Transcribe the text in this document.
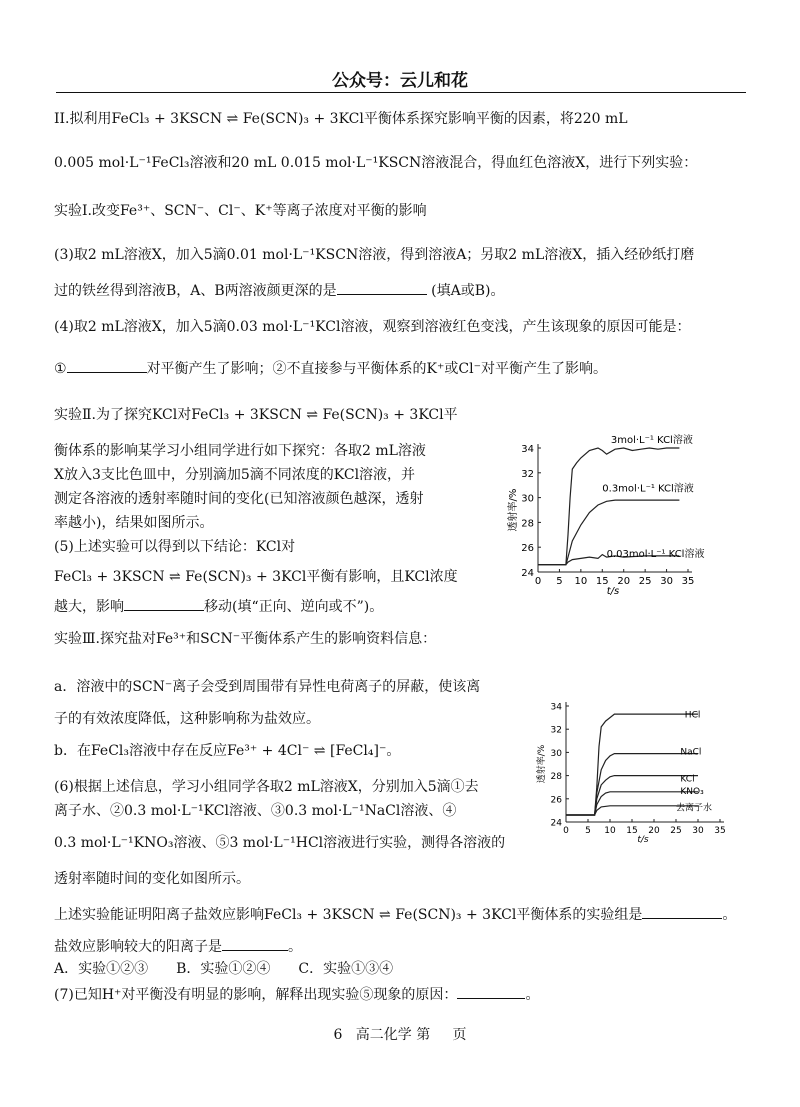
公众号：云儿和花
II.拟利用FeCl₃ + 3KSCN ⇌ Fe(SCN)₃ + 3KCl平衡体系探究影响平衡的因素，将220 mL
0.005 mol·L⁻¹FeCl₃溶液和20 mL 0.015 mol·L⁻¹KSCN溶液混合，得血红色溶液X，进行下列实验：
实验Ⅰ.改变Fe³⁺、SCN⁻、Cl⁻、K⁺等离子浓度对平衡的影响
(3)取2 mL溶液X，加入5滴0.01 mol·L⁻¹KSCN溶液，得到溶液A；另取2 mL溶液X，插入经砂纸打磨
过的铁丝得到溶液B，A、B两溶液颜更深的是	(填A或B)。
(4)取2 mL溶液X，加入5滴0.03 mol·L⁻¹KCl溶液，观察到溶液红色变浅，产生该现象的原因可能是：
①	对平衡产生了影响；②不直接参与平衡体系的K⁺或Cl⁻对平衡产生了影响。
实验Ⅱ.为了探究KCl对FeCl₃ + 3KSCN ⇌ Fe(SCN)₃ + 3KCl平
衡体系的影响某学习小组同学进行如下探究：各取2 mL溶液
X放入3支比色皿中，分别滴加5滴不同浓度的KCl溶液，并
测定各溶液的透射率随时间的变化(已知溶液颜色越深，透射
率越小)，结果如图所示。
(5)上述实验可以得到以下结论：KCl对
FeCl₃ + 3KSCN ⇌ Fe(SCN)₃ + 3KCl平衡有影响，且KCl浓度
越大，影响	移动(填“正向、逆向或不”)。
实验Ⅲ.探究盐对Fe³⁺和SCN⁻平衡体系产生的影响资料信息：
a．溶液中的SCN⁻离子会受到周围带有异性电荷离子的屏蔽，使该离
子的有效浓度降低，这种影响称为盐效应。
b．在FeCl₃溶液中存在反应Fe³⁺ + 4Cl⁻ ⇌ [FeCl₄]⁻。
(6)根据上述信息，学习小组同学各取2 mL溶液X，分别加入5滴①去
离子水、②0.3 mol·L⁻¹KCl溶液、③0.3 mol·L⁻¹NaCl溶液、④
0.3 mol·L⁻¹KNO₃溶液、⑤3 mol·L⁻¹HCl溶液进行实验，测得各溶液的
透射率随时间的变化如图所示。
上述实验能证明阳离子盐效应影响FeCl₃ + 3KSCN ⇌ Fe(SCN)₃ + 3KCl平衡体系的实验组是	。
盐效应影响较大的阳离子是	。
A．实验①②③　　B．实验①②④　　C．实验①③④
(7)已知H⁺对平衡没有明显的影响，解释出现实验⑤现象的原因：	。
6 高二化学 第 页
0 5 10 15 20 25 30 35
24
26
28
30
32
34
t/s
透射率/%
3mol·L⁻¹ KCl溶液
0.3mol·L⁻¹ KCl溶液
0.03mol·L⁻¹ KCl溶液
0 5 10 15 20 25 30 35
24
26
28
30
32
34
t/s
透射率/%
HCl
NaCl
KCl
KNO₃
去离子水
